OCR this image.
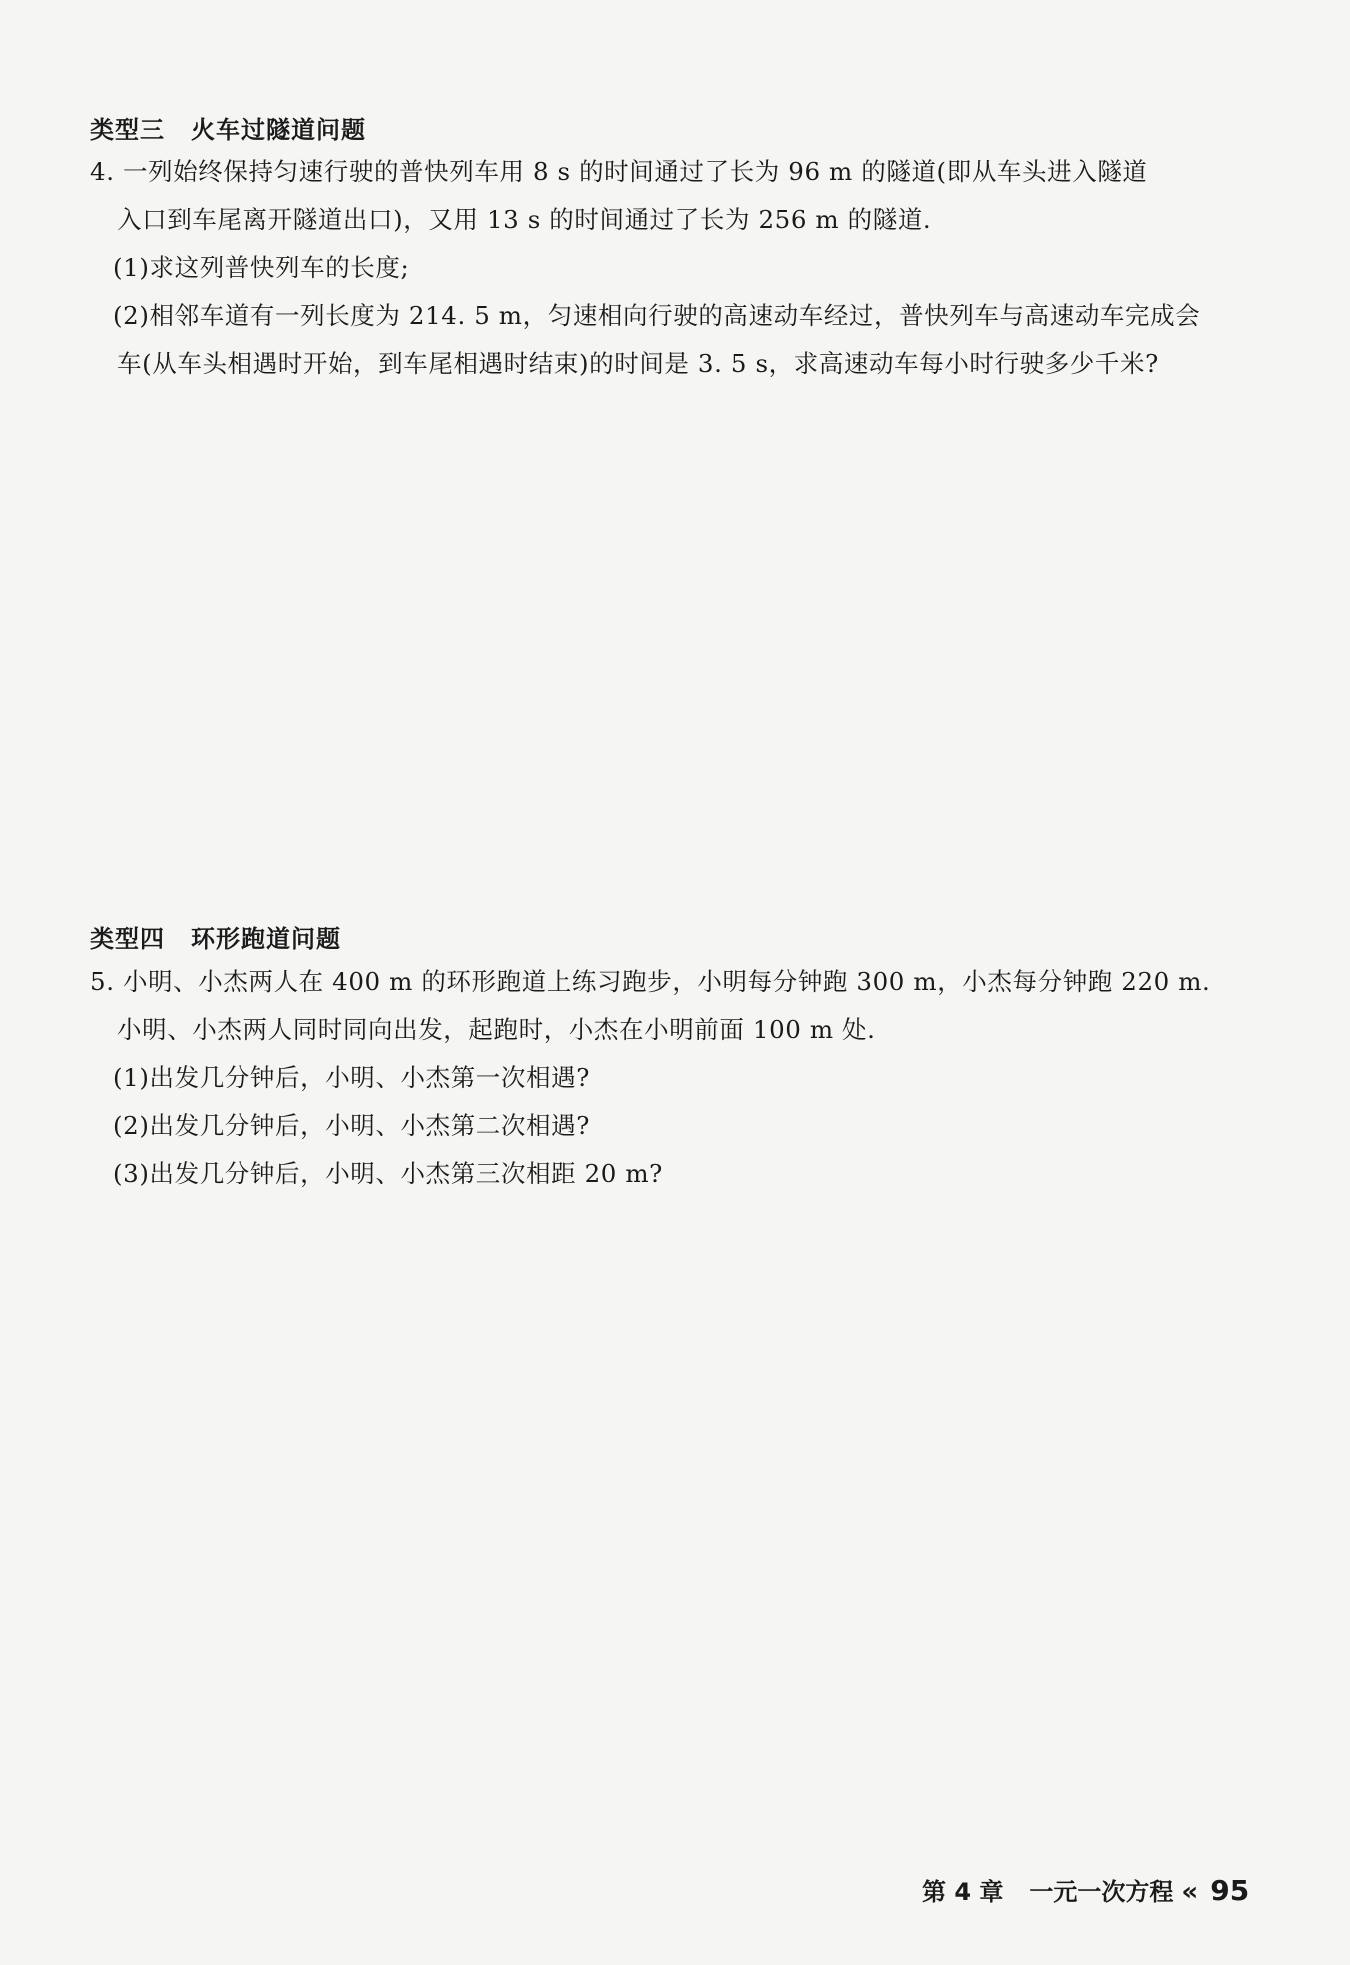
类型三 火车过隧道问题
4. 一列始终保持匀速行驶的普快列车用 8 s 的时间通过了长为 96 m 的隧道(即从车头进入隧道
入口到车尾离开隧道出口)，又用 13 s 的时间通过了长为 256 m 的隧道.
(1)求这列普快列车的长度;
(2)相邻车道有一列长度为 214. 5 m，匀速相向行驶的高速动车经过，普快列车与高速动车完成会
车(从车头相遇时开始，到车尾相遇时结束)的时间是 3. 5 s，求高速动车每小时行驶多少千米?
类型四 环形跑道问题
5. 小明、小杰两人在 400 m 的环形跑道上练习跑步，小明每分钟跑 300 m，小杰每分钟跑 220 m.
小明、小杰两人同时同向出发，起跑时，小杰在小明前面 100 m 处.
(1)出发几分钟后，小明、小杰第一次相遇?
(2)出发几分钟后，小明、小杰第二次相遇?
(3)出发几分钟后，小明、小杰第三次相距 20 m?
第 4 章 一元一次方程 « 95
